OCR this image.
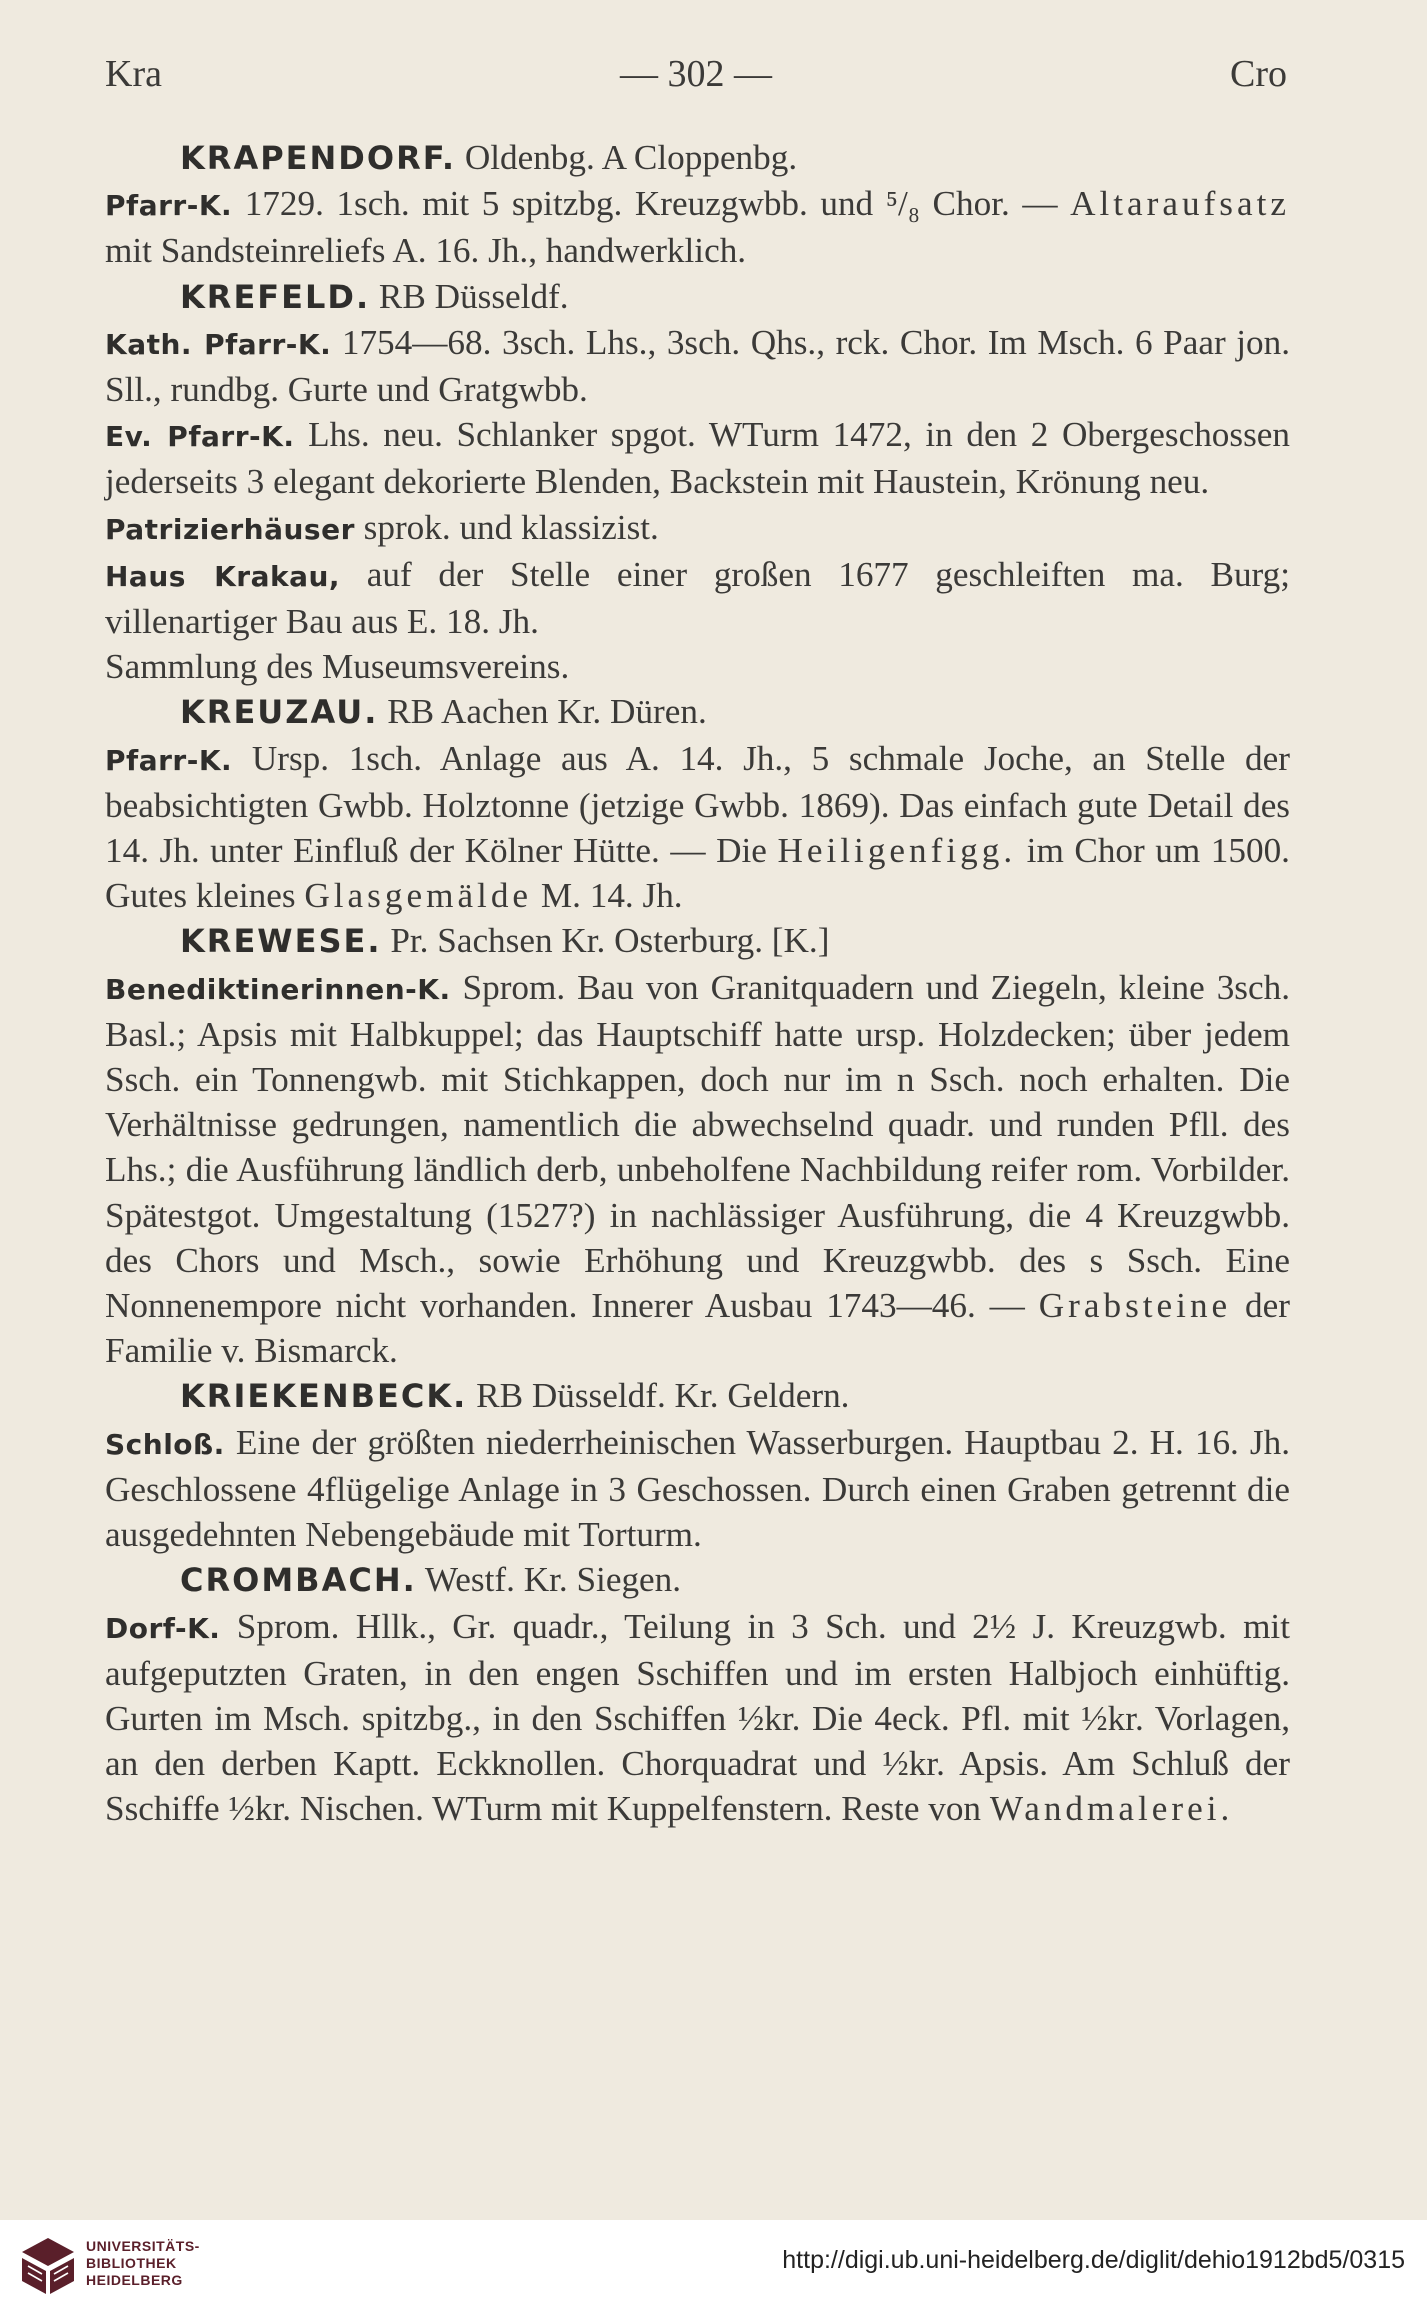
Kra	— 302 —	Cro
KRAPENDORF. Oldenbg. A Cloppenbg.
Pfarr-K. 1729. 1sch. mit 5 spitzbg. Kreuzgwbb. und ⁵/₈ Chor. — Altaraufsatz mit Sandsteinreliefs A. 16. Jh., handwerklich.
KREFELD. RB Düsseldf.
Kath. Pfarr-K. 1754—68. 3sch. Lhs., 3sch. Qhs., rck. Chor. Im Msch. 6 Paar jon. Sll., rundbg. Gurte und Gratgwbb.
Ev. Pfarr-K. Lhs. neu. Schlanker spgot. WTurm 1472, in den 2 Obergeschossen jederseits 3 elegant dekorierte Blenden, Backstein mit Haustein, Krönung neu.
Patrizierhäuser sprok. und klassizist.
Haus Krakau, auf der Stelle einer großen 1677 geschleiften ma. Burg; villenartiger Bau aus E. 18. Jh.
Sammlung des Museumsvereins.
KREUZAU. RB Aachen Kr. Düren.
Pfarr-K. Ursp. 1sch. Anlage aus A. 14. Jh., 5 schmale Joche, an Stelle der beabsichtigten Gwbb. Holztonne (jetzige Gwbb. 1869). Das einfach gute Detail des 14. Jh. unter Einfluß der Kölner Hütte. — Die Heiligenfigg. im Chor um 1500. Gutes kleines Glasgemälde M. 14. Jh.
KREWESE. Pr. Sachsen Kr. Osterburg. [K.]
Benediktinerinnen-K. Sprom. Bau von Granitquadern und Ziegeln, kleine 3sch. Basl.; Apsis mit Halbkuppel; das Hauptschiff hatte ursp. Holzdecken; über jedem Ssch. ein Tonnengwb. mit Stichkappen, doch nur im n Ssch. noch erhalten. Die Verhältnisse gedrungen, namentlich die abwechselnd quadr. und runden Pfll. des Lhs.; die Ausführung ländlich derb, unbeholfene Nachbildung reifer rom. Vorbilder. Spätestgot. Umgestaltung (1527?) in nachlässiger Ausführung, die 4 Kreuzgwbb. des Chors und Msch., sowie Erhöhung und Kreuzgwbb. des s Ssch. Eine Nonnenempore nicht vorhanden. Innerer Ausbau 1743—46. — Grabsteine der Familie v. Bismarck.
KRIEKENBECK. RB Düsseldf. Kr. Geldern.
Schloß. Eine der größten niederrheinischen Wasserburgen. Hauptbau 2. H. 16. Jh. Geschlossene 4flügelige Anlage in 3 Geschossen. Durch einen Graben getrennt die ausgedehnten Nebengebäude mit Torturm.
CROMBACH. Westf. Kr. Siegen.
Dorf-K. Sprom. Hllk., Gr. quadr., Teilung in 3 Sch. und 2½ J. Kreuzgwb. mit aufgeputzten Graten, in den engen Sschiffen und im ersten Halbjoch einhüftig. Gurten im Msch. spitzbg., in den Sschiffen ½kr. Die 4eck. Pfl. mit ½kr. Vorlagen, an den derben Kaptt. Eckknollen. Chorquadrat und ½kr. Apsis. Am Schluß der Sschiffe ½kr. Nischen. WTurm mit Kuppelfenstern. Reste von Wandmalerei.
UNIVERSITÄTS-
BIBLIOTHEK
HEIDELBERG
http://digi.ub.uni-heidelberg.de/diglit/dehio1912bd5/0315
